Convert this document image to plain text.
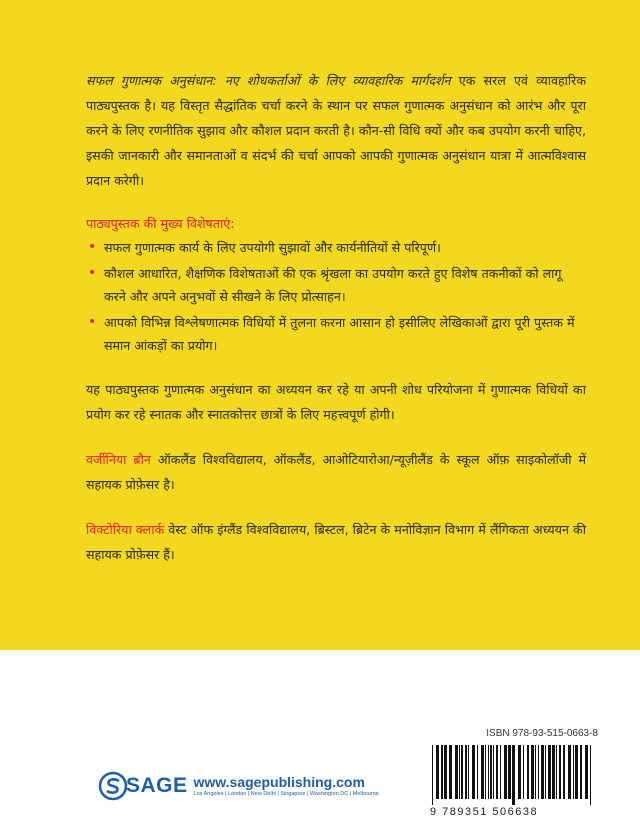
सफल गुणात्मक अनुसंधान: नए शोधकर्ताओं के लिए व्यावहारिक मार्गदर्शन एक सरल एवं व्यावहारिक पाठ्यपुस्तक है। यह विस्तृत सैद्धांतिक चर्चा करने के स्थान पर सफल गुणात्मक अनुसंधान को आरंभ और पूरा करने के लिए रणनीतिक सुझाव और कौशल प्रदान करती है। कौन-सी विधि क्यों और कब उपयोग करनी चाहिए, इसकी जानकारी और समानताओं व संदर्भ की चर्चा आपको आपकी गुणात्मक अनुसंधान यात्रा में आत्मविश्वास प्रदान करेगी।

पाठ्यपुस्तक की मुख्य विशेषताएं:

• सफल गुणात्मक कार्य के लिए उपयोगी सुझावों और कार्यनीतियों से परिपूर्ण।
• कौशल आधारित, शैक्षणिक विशेषताओं की एक श्रृंखला का उपयोग करते हुए विशेष तकनीकों को लागू करने और अपने अनुभवों से सीखने के लिए प्रोत्साहन।
• आपको विभिन्न विश्लेषणात्मक विधियों में तुलना करना आसान हो इसीलिए लेखिकाओं द्वारा पूरी पुस्तक में समान आंकड़ों का प्रयोग।

यह पाठ्यपुस्तक गुणात्मक अनुसंधान का अध्ययन कर रहे या अपनी शोध परियोजना में गुणात्मक विधियों का प्रयोग कर रहे स्नातक और स्नातकोत्तर छात्रों के लिए महत्त्वपूर्ण होगी।

वर्जीनिया ब्रौन ऑकलैंड विश्वविद्यालय, ऑकलैंड, आओटियारोआ/न्यूज़ीलैंड के स्कूल ऑफ़ साइकोलॉजी में सहायक प्रोफ़ेसर है।

विक्टोरिया क्लार्क वेस्ट ऑफ इंग्लैंड विश्वविद्यालय, ब्रिस्टल, ब्रिटेन के मनोविज्ञान विभाग में लैंगिकता अध्ययन की सहायक प्रोफ़ेसर हैं।

ISBN 978-93-515-0663-8
9 789351 506638
SAGE www.sagepublishing.com
Los Angeles | London | New Delhi | Singapore | Washington DC | Melbourne
